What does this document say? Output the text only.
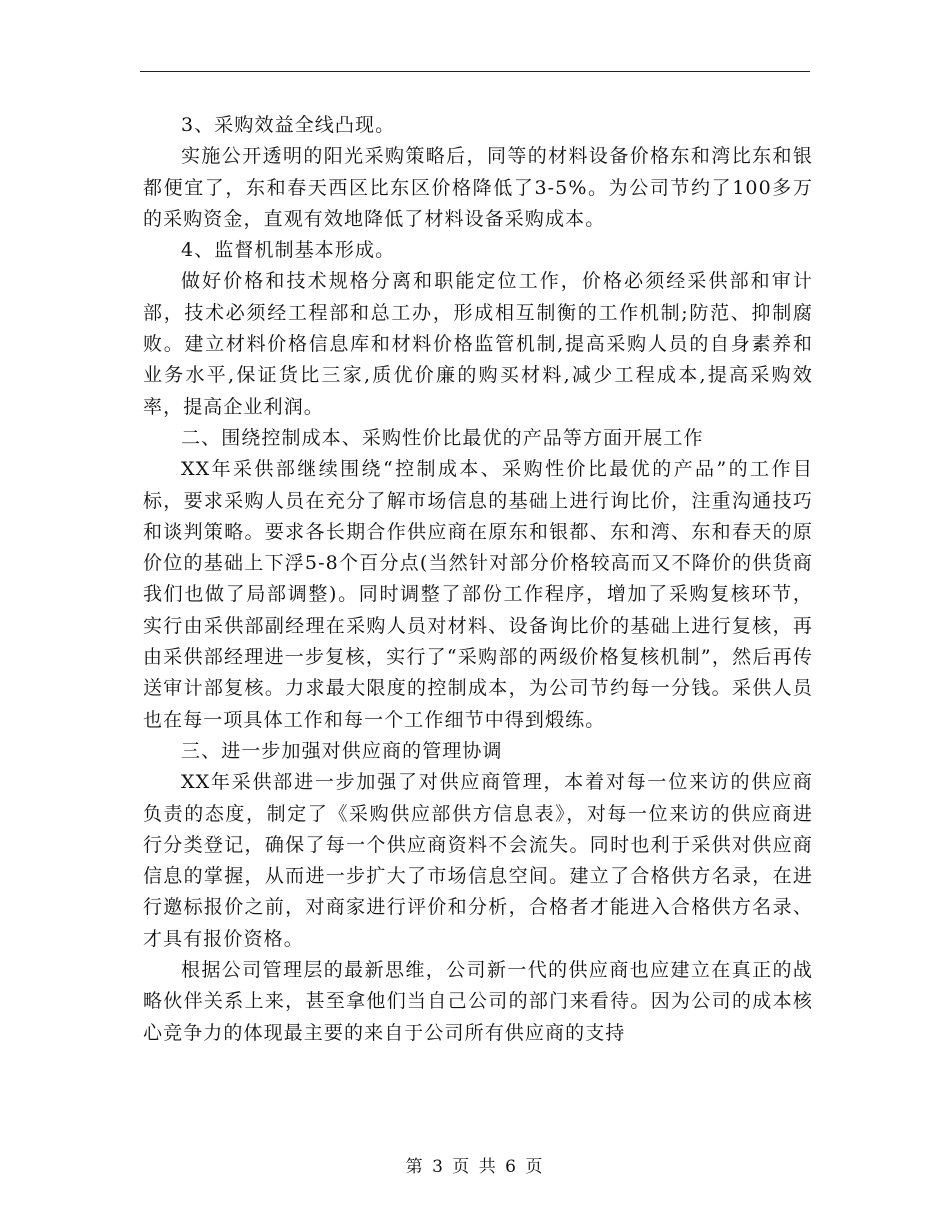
3、采购效益全线凸现。

实施公开透明的阳光采购策略后，同等的材料设备价格东和湾比东和银都便宜了，东和春天西区比东区价格降低了3-5%。为公司节约了100多万的采购资金，直观有效地降低了材料设备采购成本。

4、监督机制基本形成。

做好价格和技术规格分离和职能定位工作，价格必须经采供部和审计部，技术必须经工程部和总工办，形成相互制衡的工作机制;防范、抑制腐败。建立材料价格信息库和材料价格监管机制,提高采购人员的自身素养和业务水平,保证货比三家,质优价廉的购买材料,减少工程成本,提高采购效率，提高企业利润。

二、围绕控制成本、采购性价比最优的产品等方面开展工作

XX年采供部继续围绕“控制成本、采购性价比最优的产品”的工作目标，要求采购人员在充分了解市场信息的基础上进行询比价，注重沟通技巧和谈判策略。要求各长期合作供应商在原东和银都、东和湾、东和春天的原价位的基础上下浮5-8个百分点(当然针对部分价格较高而又不降价的供货商我们也做了局部调整)。同时调整了部份工作程序，增加了采购复核环节，实行由采供部副经理在采购人员对材料、设备询比价的基础上进行复核，再由采供部经理进一步复核，实行了“采购部的两级价格复核机制”，然后再传送审计部复核。力求最大限度的控制成本，为公司节约每一分钱。采供人员也在每一项具体工作和每一个工作细节中得到煅练。

三、进一步加强对供应商的管理协调

XX年采供部进一步加强了对供应商管理，本着对每一位来访的供应商负责的态度，制定了《采购供应部供方信息表》，对每一位来访的供应商进行分类登记，确保了每一个供应商资料不会流失。同时也利于采供对供应商信息的掌握，从而进一步扩大了市场信息空间。建立了合格供方名录，在进行邀标报价之前，对商家进行评价和分析，合格者才能进入合格供方名录、才具有报价资格。

根据公司管理层的最新思维，公司新一代的供应商也应建立在真正的战略伙伴关系上来，甚至拿他们当自己公司的部门来看待。因为公司的成本核心竞争力的体现最主要的来自于公司所有供应商的支持

第 3 页 共 6 页
